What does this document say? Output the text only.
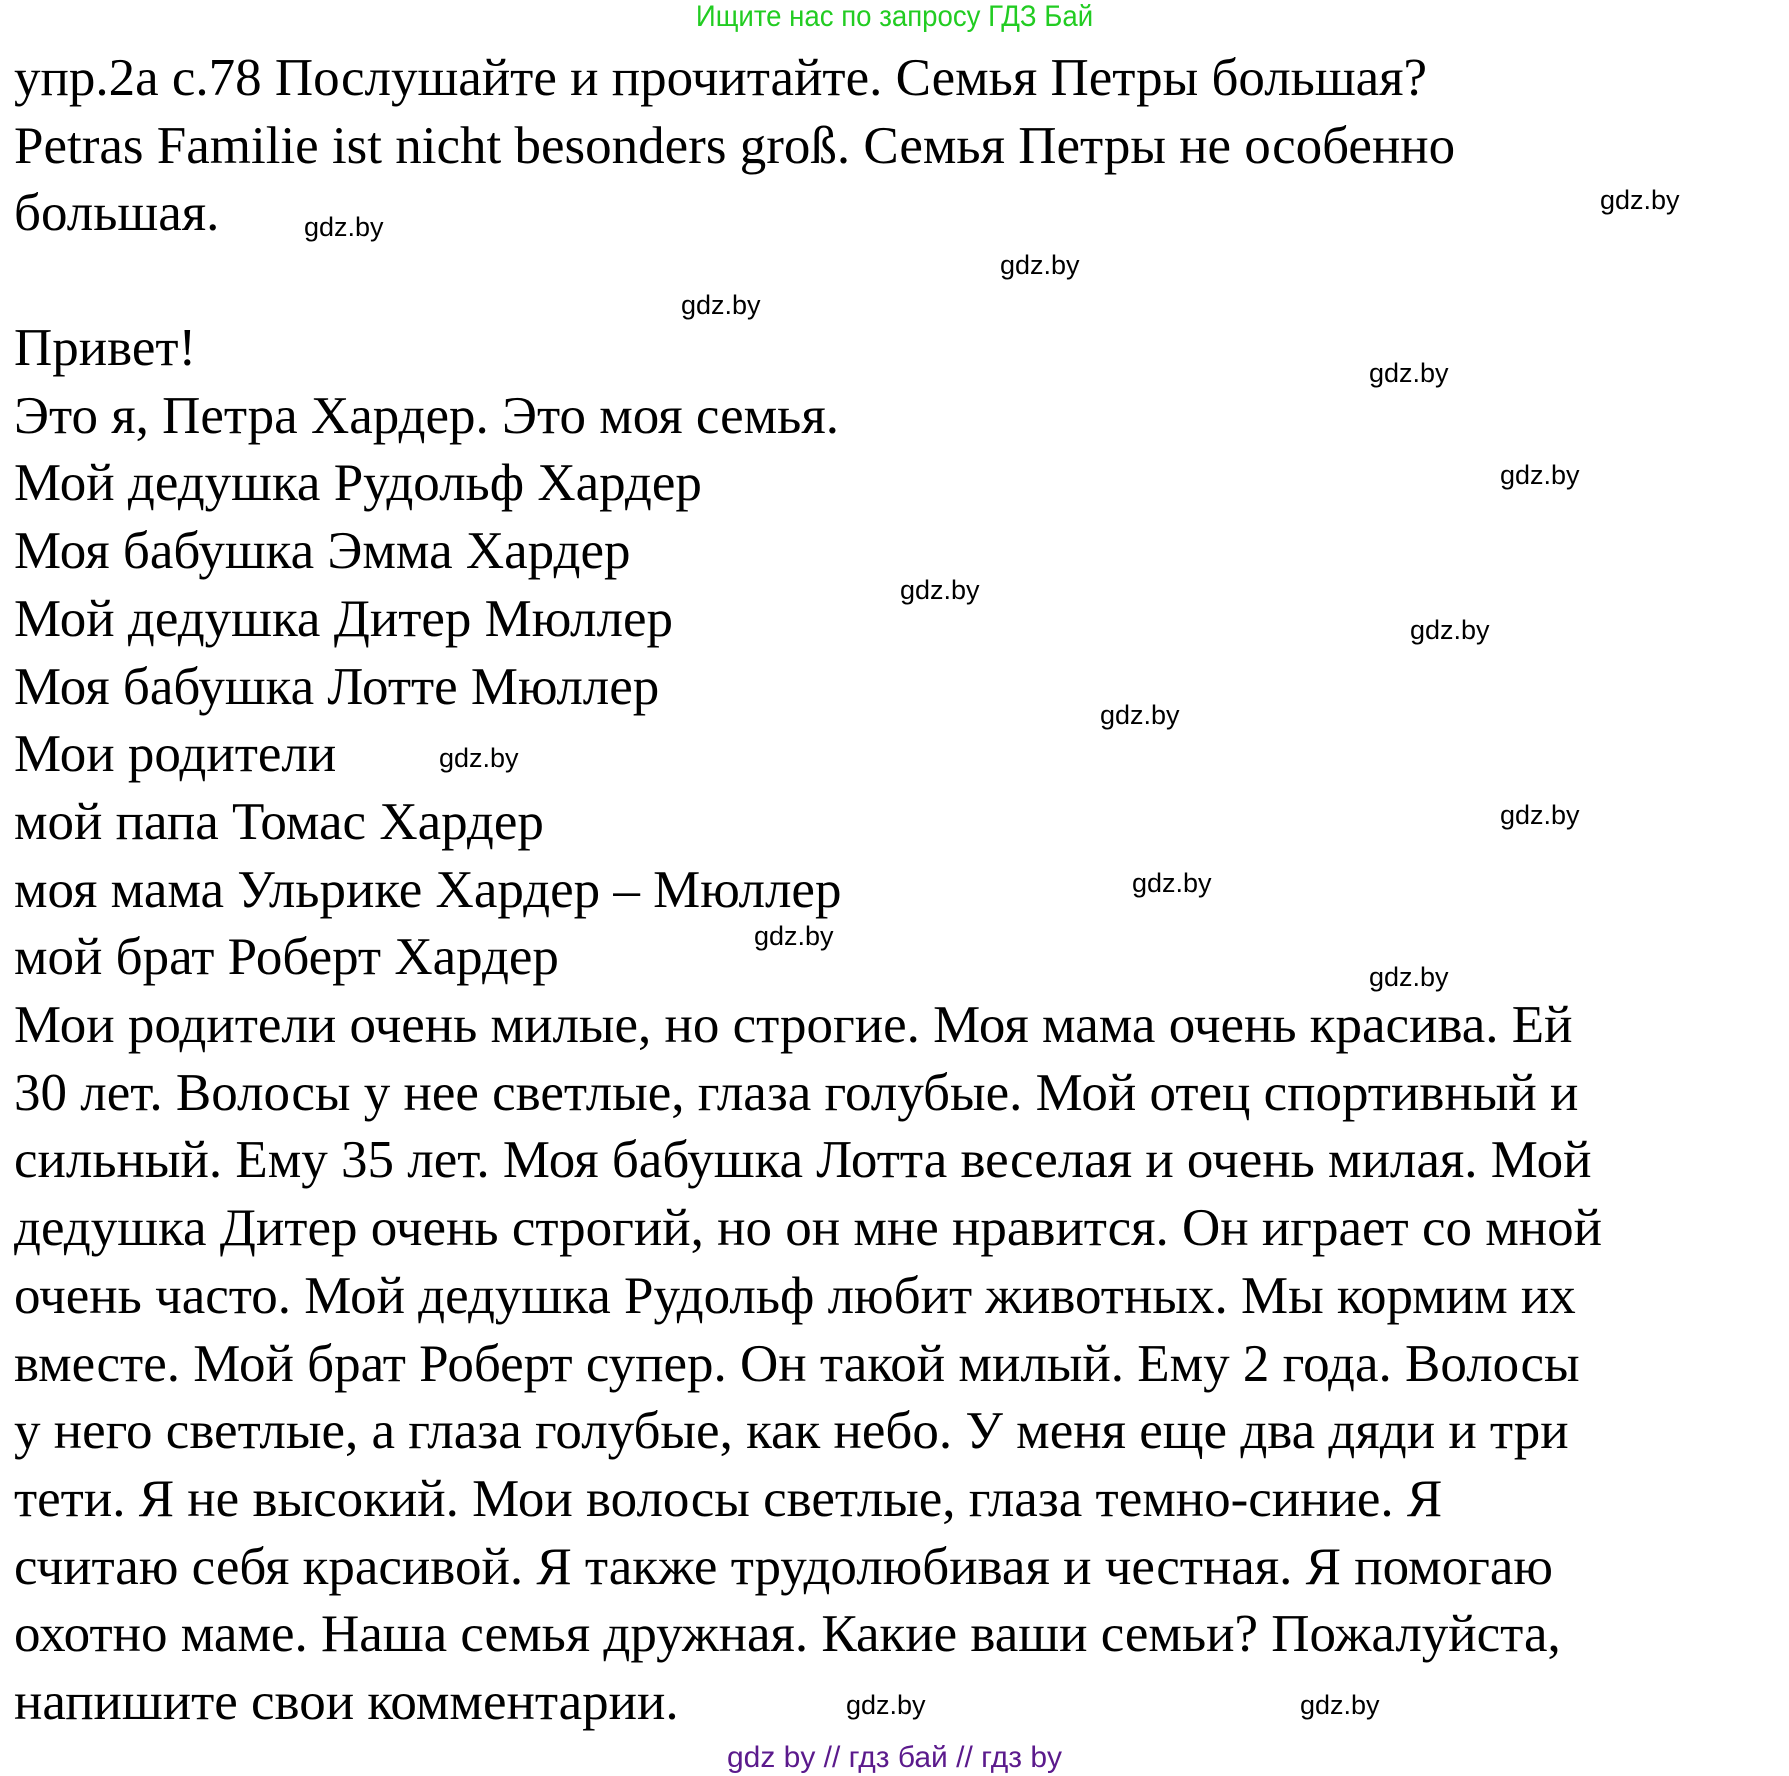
Ищите нас по запросу ГДЗ Бай
упр.2а с.78 Послушайте и прочитайте. Семья Петры большая?
Petras Familie ist nicht besonders groß. Семья Петры не особенно
большая.
Привет!
Это я, Петра Хардер. Это моя семья.
Мой дедушка Рудольф Хардер
Моя бабушка Эмма Хардер
Мой дедушка Дитер Мюллер
Моя бабушка Лотте Мюллер
Мои родители
мой папа Томас Хардер
моя мама Ульрике Хардер – Мюллер
мой брат Роберт Хардер
Мои родители очень милые, но строгие. Моя мама очень красива. Ей
30 лет. Волосы у нее светлые, глаза голубые. Мой отец спортивный и
сильный. Ему 35 лет. Моя бабушка Лотта веселая и очень милая. Мой
дедушка Дитер очень строгий, но он мне нравится. Он играет со мной
очень часто. Мой дедушка Рудольф любит животных. Мы кормим их
вместе. Мой брат Роберт супер. Он такой милый. Ему 2 года. Волосы
у него светлые, а глаза голубые, как небо. У меня еще два дяди и три
тети. Я не высокий. Мои волосы светлые, глаза темно-синие. Я
считаю себя красивой. Я также трудолюбивая и честная. Я помогаю
охотно маме. Наша семья дружная. Какие ваши семьи? Пожалуйста,
напишите свои комментарии.
gdz.by
gdz.by
gdz.by
gdz.by
gdz.by
gdz.by
gdz.by
gdz.by
gdz.by
gdz.by
gdz.by
gdz.by
gdz.by
gdz.by
gdz.by
gdz.by
gdz by // гдз бай // гдз by
